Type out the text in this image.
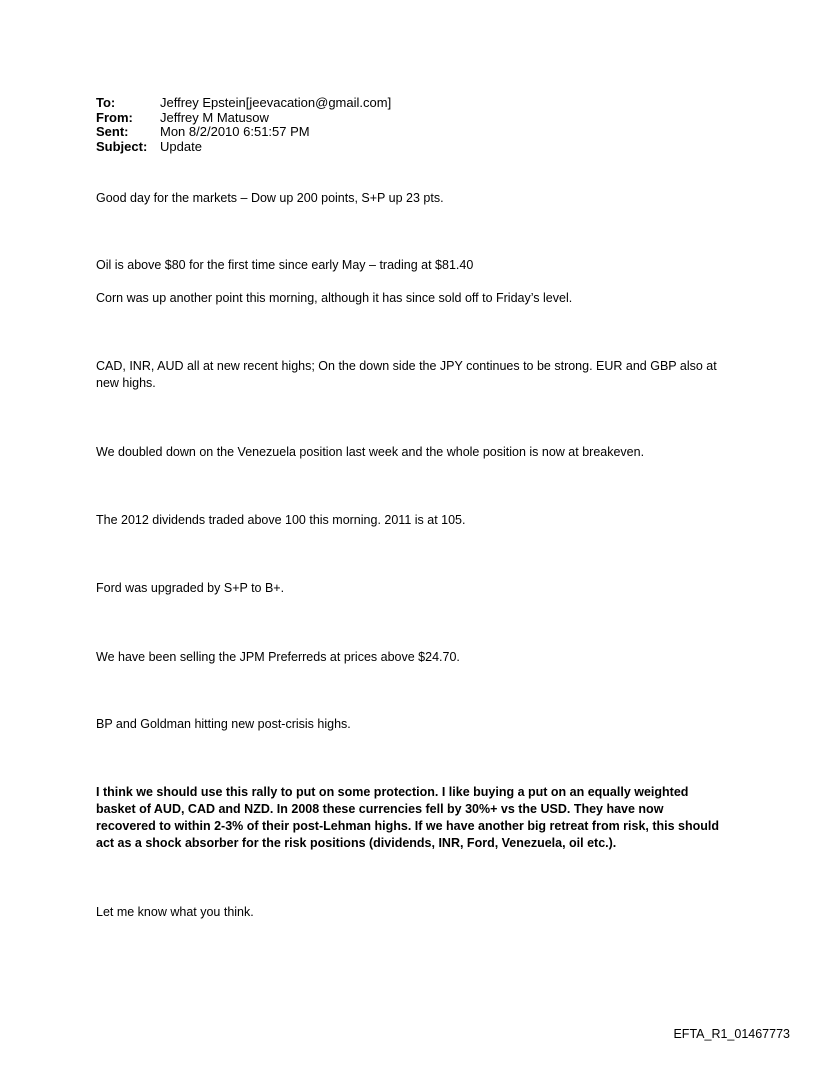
To:	Jeffrey Epstein[jeevacation@gmail.com]
From:	Jeffrey M Matusow
Sent:	Mon 8/2/2010 6:51:57 PM
Subject: Update
Good day for the markets – Dow up 200 points, S+P up 23 pts.
Oil is above $80 for the first time since early May – trading at $81.40
Corn was up another point this morning, although it has since sold off to Friday’s level.
CAD, INR, AUD all at new recent highs; On the down side the JPY continues to be strong. EUR and GBP also at new highs.
We doubled down on the Venezuela position last week and the whole position is now at breakeven.
The 2012 dividends traded above 100 this morning. 2011 is at 105.
Ford was upgraded by S+P to B+.
We have been selling the JPM Preferreds at prices above $24.70.
BP and Goldman hitting new post-crisis highs.
I think we should use this rally to put on some protection. I like buying a put on an equally weighted basket of AUD, CAD and NZD. In 2008 these currencies fell by 30%+ vs the USD. They have now recovered to within 2-3% of their post-Lehman highs. If we have another big retreat from risk, this should act as a shock absorber for the risk positions (dividends, INR, Ford, Venezuela, oil etc.).
Let me know what you think.
EFTA_R1_01467773
